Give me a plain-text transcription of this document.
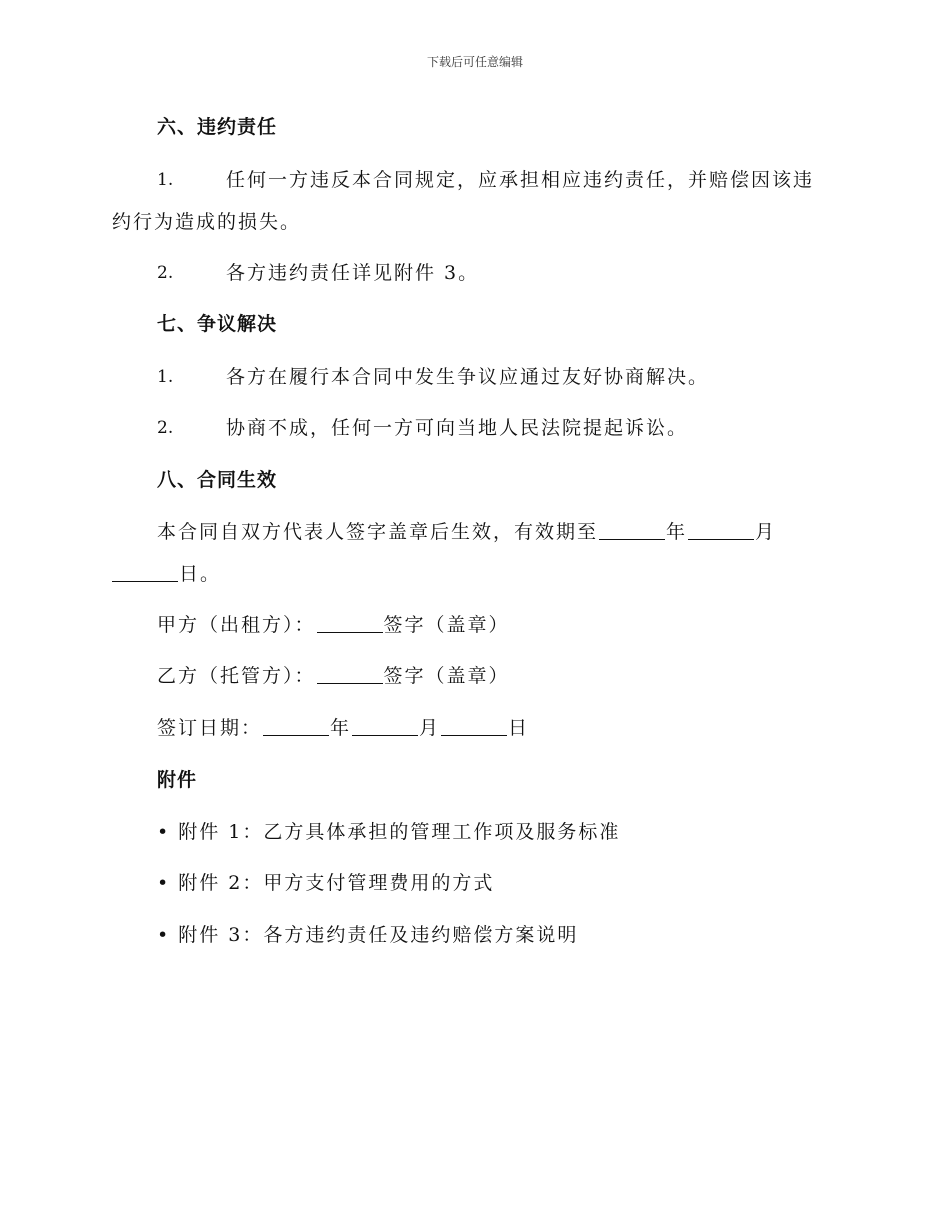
下载后可任意编辑
六、违约责任
1.	任何一方违反本合同规定，应承担相应违约责任，并赔偿因该违
约行为造成的损失。
2.	各方违约责任详见附件 3。
七、争议解决
1.	各方在履行本合同中发生争议应通过友好协商解决。
2.	协商不成，任何一方可向当地人民法院提起诉讼。
八、合同生效
本合同自双方代表人签字盖章后生效，有效期至	年	月
日。
甲方（出租方）：	签字（盖章）
乙方（托管方）：	签字（盖章）
签订日期：	年	月	日
附件
• 附件 1：乙方具体承担的管理工作项及服务标准
• 附件 2：甲方支付管理费用的方式
• 附件 3：各方违约责任及违约赔偿方案说明
